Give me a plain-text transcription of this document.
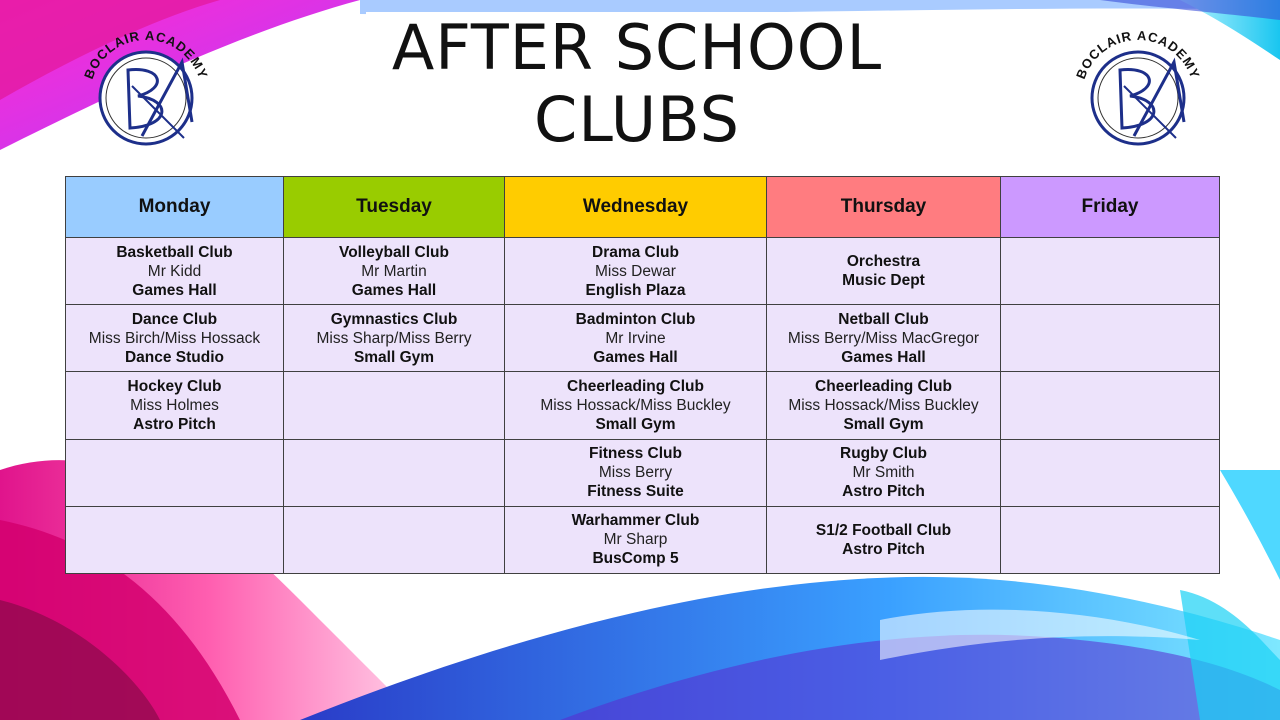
AFTER SCHOOL
CLUBS
BOCLAIR ACADEMY	BOCLAIR ACADEMY
Monday	Tuesday	Wednesday	Thursday	Friday

Basketball Club
Mr Kidd
Games Hall	Volleyball Club
Mr Martin
Games Hall	Drama Club
Miss Dewar
English Plaza	Orchestra
Music Dept	

Dance Club
Miss Birch/Miss Hossack
Dance Studio	Gymnastics Club
Miss Sharp/Miss Berry
Small Gym	Badminton Club
Mr Irvine
Games Hall	Netball Club
Miss Berry/Miss MacGregor
Games Hall	

Hockey Club
Miss Holmes
Astro Pitch		Cheerleading Club
Miss Hossack/Miss Buckley
Small Gym	Cheerleading Club
Miss Hossack/Miss Buckley
Small Gym	

		Fitness Club
Miss Berry
Fitness Suite	Rugby Club
Mr Smith
Astro Pitch	

		Warhammer Club
Mr Sharp
BusComp 5	S1/2 Football Club
Astro Pitch	
